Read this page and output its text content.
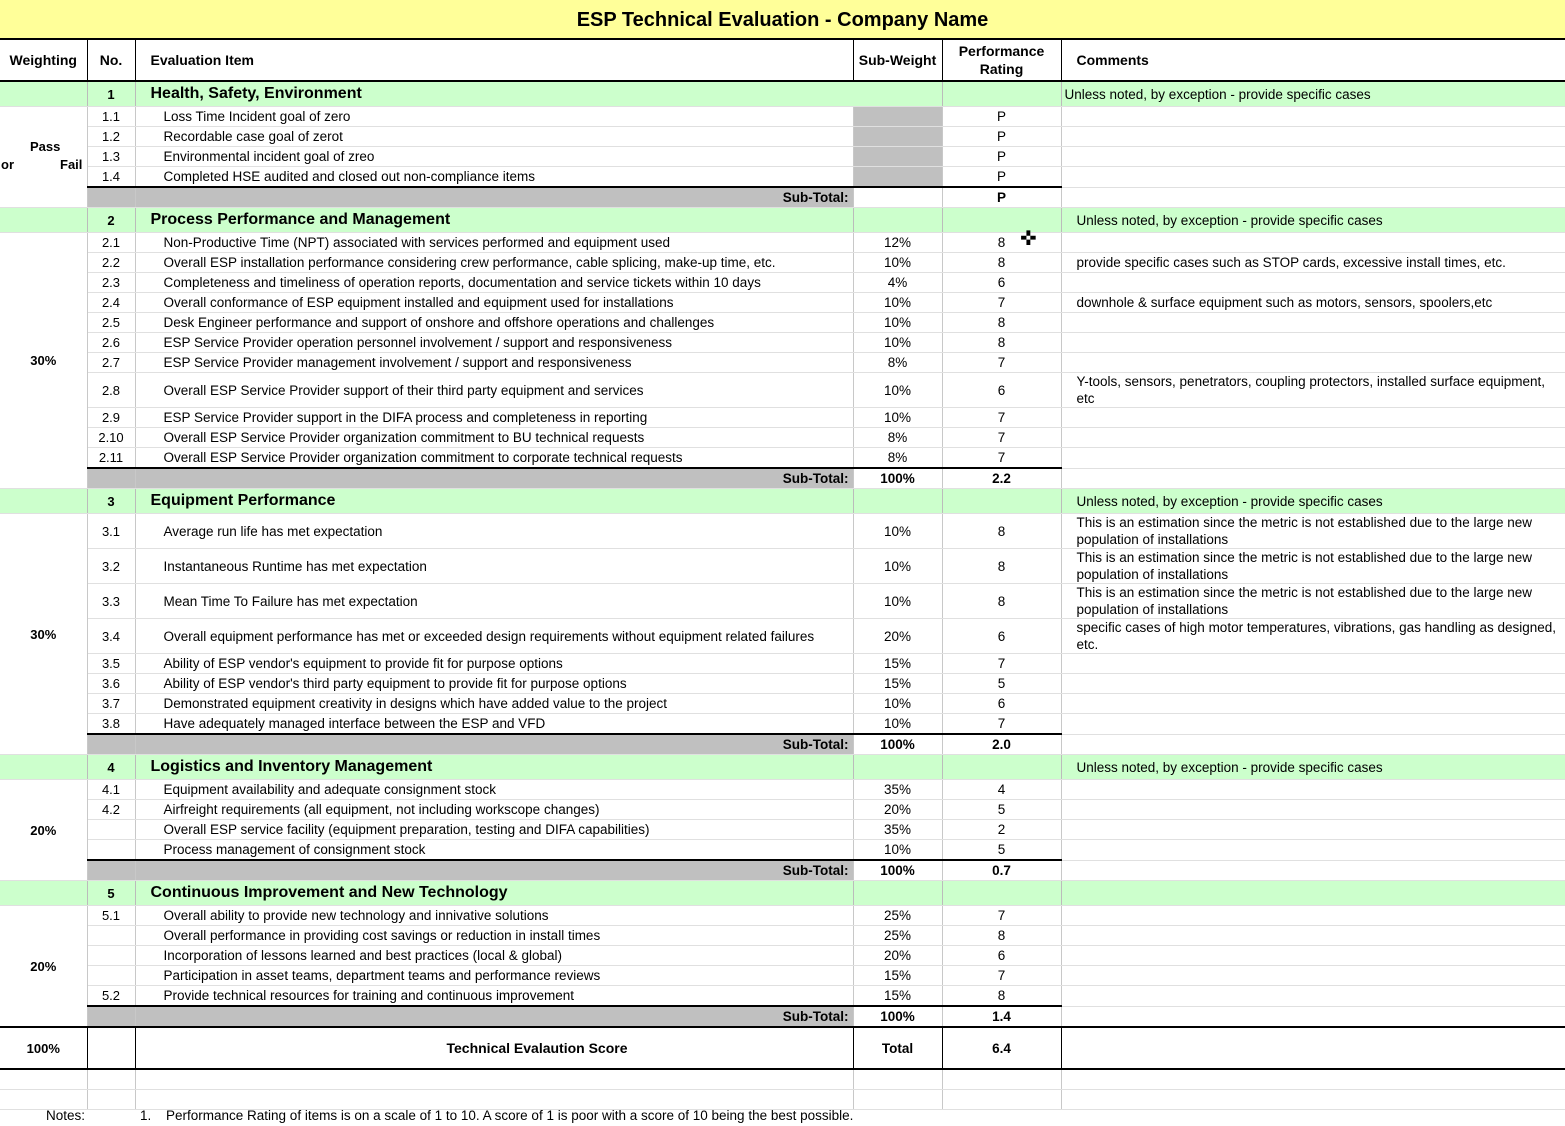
ESP Technical Evaluation - Company Name
Weighting	No.	Evaluation Item	Sub-Weight	Performance Rating	Comments
	1	Health, Safety, Environment			Unless noted, by exception - provide specific cases

Pass
or Fail	1.1	Loss Time Incident goal of zero		P	
	1.2	Recordable case goal of zerot		P	
	1.3	Environmental incident goal of zreo		P	
	1.4	Completed HSE audited and closed out non-compliance items		P	
		Sub-Total:		P	
	2	Process Performance and Management			Unless noted, by exception - provide specific cases
30%	2.1	Non-Productive Time (NPT) associated with services performed and equipment used	12%	8	
	2.2	Overall ESP installation performance considering crew performance, cable splicing, make-up time, etc.	10%	8	provide specific cases such as STOP cards, excessive install times, etc.
	2.3	Completeness and timeliness of operation reports, documentation and service tickets within 10 days	4%	6	
	2.4	Overall conformance of ESP equipment installed and equipment used for installations	10%	7	downhole & surface equipment such as motors, sensors, spoolers,etc
	2.5	Desk Engineer performance and support of onshore and offshore operations and challenges	10%	8	
	2.6	ESP Service Provider operation personnel involvement / support and responsiveness	10%	8	
	2.7	ESP Service Provider management involvement / support and responsiveness	8%	7	
	2.8	Overall ESP Service Provider support of their third party equipment and services	10%	6	Y-tools, sensors, penetrators, coupling protectors, installed surface equipment, etc
	2.9	ESP Service Provider support in the DIFA process and completeness in reporting	10%	7	
	2.10	Overall ESP Service Provider organization commitment to BU technical requests	8%	7	
	2.11	Overall ESP Service Provider organization commitment to corporate technical requests	8%	7	
		Sub-Total:	100%	2.2	
	3	Equipment Performance			Unless noted, by exception - provide specific cases
30%	3.1	Average run life has met expectation	10%	8	This is an estimation since the metric is not established due to the large new population of installations
	3.2	Instantaneous Runtime has met expectation	10%	8	This is an estimation since the metric is not established due to the large new population of installations
	3.3	Mean Time To Failure has met expectation	10%	8	This is an estimation since the metric is not established due to the large new population of installations
	3.4	Overall equipment performance has met or exceeded design requirements without equipment related failures	20%	6	specific cases of high motor temperatures, vibrations, gas handling as designed, etc.
	3.5	Ability of ESP vendor's equipment to provide fit for purpose options	15%	7	
	3.6	Ability of ESP vendor's third party equipment to provide fit for purpose options	15%	5	
	3.7	Demonstrated equipment creativity in designs which have added value to the project	10%	6	
	3.8	Have adequately managed interface between the ESP and VFD	10%	7	
		Sub-Total:	100%	2.0	
	4	Logistics and Inventory Management			Unless noted, by exception - provide specific cases
20%	4.1	Equipment availability and adequate consignment stock	35%	4	
	4.2	Airfreight requirements (all equipment, not including workscope changes)	20%	5	
		Overall ESP service facility (equipment preparation, testing and DIFA capabilities)	35%	2	
		Process management of consignment stock	10%	5	
		Sub-Total:	100%	0.7	
	5	Continuous Improvement and New Technology			
20%	5.1	Overall ability to provide new technology and innivative solutions	25%	7	
		Overall performance in providing cost savings or reduction in install times	25%	8	
		Incorporation of lessons learned and best practices (local & global)	20%	6	
		Participation in asset teams, department teams and performance reviews	15%	7	
	5.2	Provide technical resources for training and continuous improvement	15%	8	
		Sub-Total:	100%	1.4	
100%		Technical Evalaution Score	Total	6.4	

✜
Notes:	1. Performance Rating of items is on a scale of 1 to 10. A score of 1 is poor with a score of 10 being the best possible.
